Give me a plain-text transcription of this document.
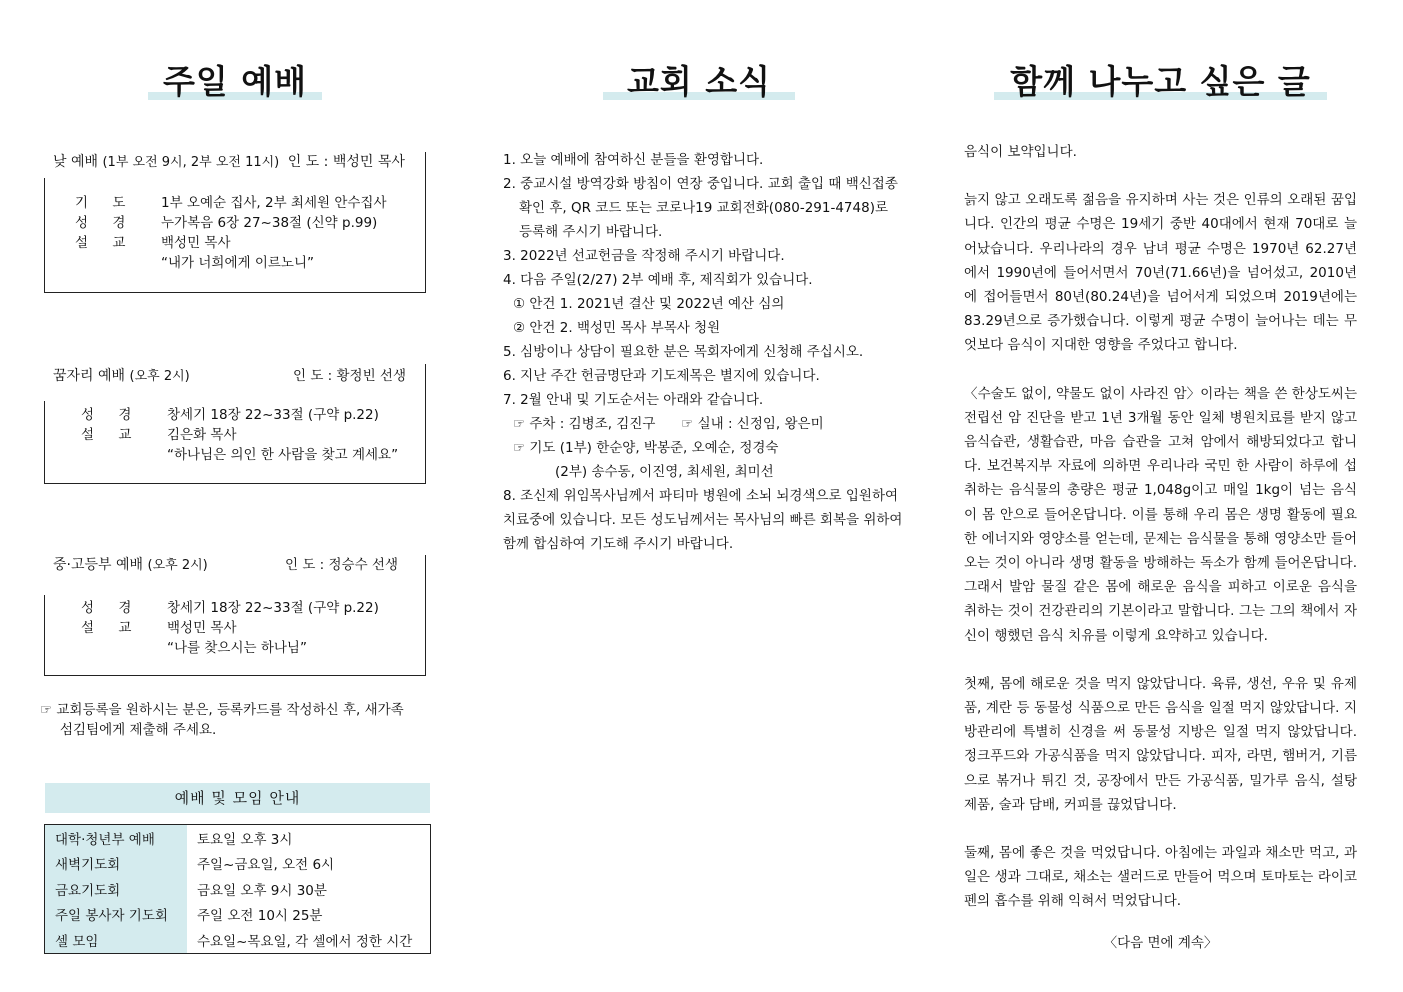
주일 예배	교회 소식	함께 나누고 싶은 글
낮 예배 (1부 오전 9시, 2부 오전 11시) 인 도 : 백성민 목사
기 도 1부 오예순 집사, 2부 최세원 안수집사
성 경 누가복음 6장 27~38절 (신약 p.99)
설 교 백성민 목사
“내가 너희에게 이르노니”
꿈자리 예배 (오후 2시)	인 도 : 황정빈 선생
성 경 창세기 18장 22~33절 (구약 p.22)
설 교 김은화 목사
“하나님은 의인 한 사람을 찾고 계세요”
중·고등부 예배 (오후 2시)	인 도 : 정승수 선생
성 경 창세기 18장 22~33절 (구약 p.22)
설 교 백성민 목사
“나를 찾으시는 하나님”
☞ 교회등록을 원하시는 분은, 등록카드를 작성하신 후, 새가족
섬김팀에게 제출해 주세요.
예배 및 모임 안내
대학·청년부 예배	토요일 오후 3시
새벽기도회	주일~금요일, 오전 6시
금요기도회	금요일 오후 9시 30분
주일 봉사자 기도회	주일 오전 10시 25분
셀 모임	수요일~목요일, 각 셀에서 정한 시간
1. 오늘 예배에 참여하신 분들을 환영합니다.
2. 중교시설 방역강화 방침이 연장 중입니다. 교회 출입 때 백신접종
확인 후, QR 코드 또는 코로나19 교회전화(080-291-4748)로
등록해 주시기 바랍니다.
3. 2022년 선교헌금을 작정해 주시기 바랍니다.
4. 다음 주일(2/27) 2부 예배 후, 제직회가 있습니다.
① 안건 1. 2021년 결산 및 2022년 예산 심의
② 안건 2. 백성민 목사 부목사 청원
5. 심방이나 상담이 필요한 분은 목회자에게 신청해 주십시오.
6. 지난 주간 헌금명단과 기도제목은 별지에 있습니다.
7. 2월 안내 및 기도순서는 아래와 같습니다.
☞ 주차 : 김병조, 김진구      ☞ 실내 : 신정임, 왕은미
☞ 기도 (1부) 한순양, 박봉준, 오예순, 정경숙
(2부) 송수동, 이진영, 최세원, 최미선
8. 조신제 위임목사님께서 파티마 병원에 소뇌 뇌경색으로 입원하여
치료중에 있습니다. 모든 성도님께서는 목사님의 빠른 회복을 위하여
함께 합심하여 기도해 주시기 바랍니다.

음식이 보약입니다.

늙지 않고 오래도록 젊음을 유지하며 사는 것은 인류의 오래된 꿈입니다. 인간의 평균 수명은 19세기 중반 40대에서 현재 70대로 늘어났습니다. 우리나라의 경우 남녀 평균 수명은 1970년 62.27년에서 1990년에 들어서면서 70년(71.66년)을 넘어섰고, 2010년에 접어들면서 80년(80.24년)을 넘어서게 되었으며 2019년에는 83.29년으로 증가했습니다. 이렇게 평균 수명이 늘어나는 데는 무엇보다 음식이 지대한 영향을 주었다고 합니다.

〈수술도 없이, 약물도 없이 사라진 암〉이라는 책을 쓴 한상도씨는 전립선 암 진단을 받고 1년 3개월 동안 일체 병원치료를 받지 않고 음식습관, 생활습관, 마음 습관을 고쳐 암에서 해방되었다고 합니다. 보건복지부 자료에 의하면 우리나라 국민 한 사람이 하루에 섭취하는 음식물의 총량은 평균 1,048g이고 매일 1kg이 넘는 음식이 몸 안으로 들어온답니다. 이를 통해 우리 몸은 생명 활동에 필요한 에너지와 영양소를 얻는데, 문제는 음식물을 통해 영양소만 들어오는 것이 아니라 생명 활동을 방해하는 독소가 함께 들어온답니다. 그래서 발암 물질 같은 몸에 해로운 음식을 피하고 이로운 음식을 취하는 것이 건강관리의 기본이라고 말합니다. 그는 그의 책에서 자신이 행했던 음식 치유를 이렇게 요약하고 있습니다.

첫째, 몸에 해로운 것을 먹지 않았답니다. 육류, 생선, 우유 및 유제품, 계란 등 동물성 식품으로 만든 음식을 일절 먹지 않았답니다. 지방관리에 특별히 신경을 써 동물성 지방은 일절 먹지 않았답니다. 정크푸드와 가공식품을 먹지 않았답니다. 피자, 라면, 햄버거, 기름으로 볶거나 튀긴 것, 공장에서 만든 가공식품, 밀가루 음식, 설탕 제품, 술과 담배, 커피를 끊었답니다.

둘째, 몸에 좋은 것을 먹었답니다. 아침에는 과일과 채소만 먹고, 과일은 생과 그대로, 채소는 샐러드로 만들어 먹으며 토마토는 라이코펜의 흡수를 위해 익혀서 먹었답니다.

〈다음 면에 계속〉
